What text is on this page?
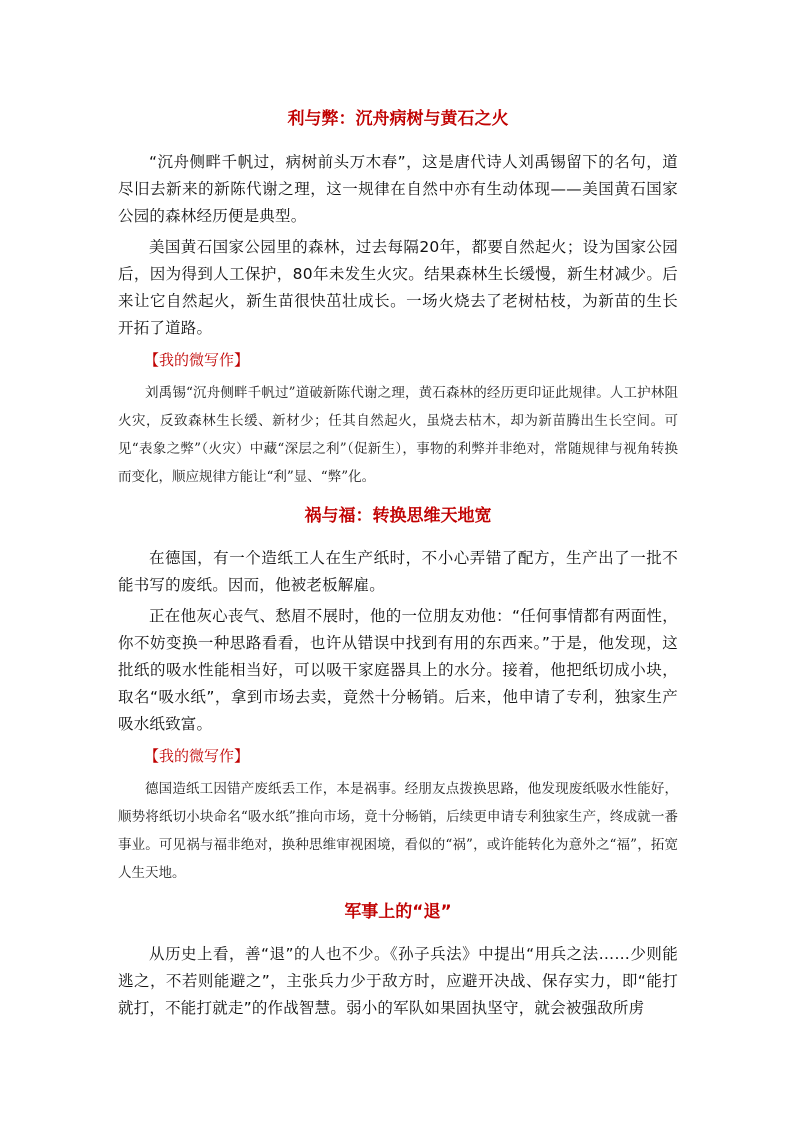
利与弊：沉舟病树与黄石之火

“沉舟侧畔千帆过，病树前头万木春”，这是唐代诗人刘禹锡留下的名句，道尽旧去新来的新陈代谢之理，这一规律在自然中亦有生动体现——美国黄石国家公园的森林经历便是典型。

美国黄石国家公园里的森林，过去每隔20年，都要自然起火；设为国家公园后，因为得到人工保护，80年未发生火灾。结果森林生长缓慢，新生材减少。后来让它自然起火，新生苗很快茁壮成长。一场火烧去了老树枯枝，为新苗的生长开拓了道路。

【我的微写作】

刘禹锡“沉舟侧畔千帆过”道破新陈代谢之理，黄石森林的经历更印证此规律。人工护林阻火灾，反致森林生长缓、新材少；任其自然起火，虽烧去枯木，却为新苗腾出生长空间。可见“表象之弊”（火灾）中藏“深层之利”（促新生），事物的利弊并非绝对，常随规律与视角转换而变化，顺应规律方能让“利”显、“弊”化。

祸与福：转换思维天地宽

在德国，有一个造纸工人在生产纸时，不小心弄错了配方，生产出了一批不能书写的废纸。因而，他被老板解雇。

正在他灰心丧气、愁眉不展时，他的一位朋友劝他：“任何事情都有两面性，你不妨变换一种思路看看，也许从错误中找到有用的东西来。”于是，他发现，这批纸的吸水性能相当好，可以吸干家庭器具上的水分。接着，他把纸切成小块，取名“吸水纸”，拿到市场去卖，竟然十分畅销。后来，他申请了专利，独家生产吸水纸致富。

【我的微写作】

德国造纸工因错产废纸丢工作，本是祸事。经朋友点拨换思路，他发现废纸吸水性能好，顺势将纸切小块命名“吸水纸”推向市场，竟十分畅销，后续更申请专利独家生产，终成就一番事业。可见祸与福非绝对，换种思维审视困境，看似的“祸”，或许能转化为意外之“福”，拓宽人生天地。

军事上的“退”

从历史上看，善“退”的人也不少。《孙子兵法》中提出“用兵之法……少则能逃之，不若则能避之”，主张兵力少于敌方时，应避开决战、保存实力，即“能打就打，不能打就走”的作战智慧。弱小的军队如果固执坚守，就会被强敌所虏
